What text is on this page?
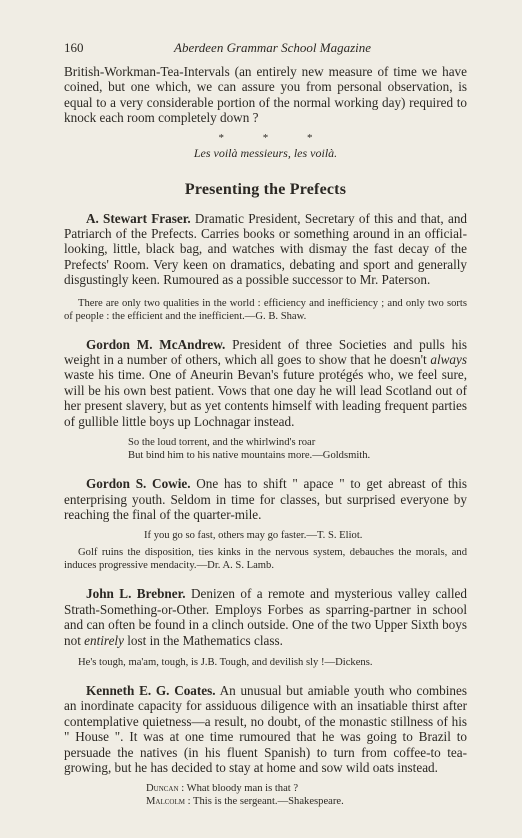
160	Aberdeen Grammar School Magazine

British-Workman-Tea-Intervals (an entirely new measure of time we have coined, but one which, we can assure you from personal observation, is equal to a very considerable portion of the normal working day) required to knock each room completely down ?

* * *
Les voilà messieurs, les voilà.
Presenting the Prefects

A. Stewart Fraser. Dramatic President, Secretary of this and that, and Patriarch of the Prefects. Carries books or something around in an official-looking, little, black bag, and watches with dismay the fast decay of the Prefects' Room. Very keen on dramatics, debating and sport and generally disgustingly keen. Rumoured as a possible successor to Mr. Paterson.

There are only two qualities in the world : efficiency and inefficiency ; and only two sorts of people : the efficient and the inefficient.—G. B. Shaw.

Gordon M. McAndrew. President of three Societies and pulls his weight in a number of others, which all goes to show that he doesn't always waste his time. One of Aneurin Bevan's future protégés who, we feel sure, will be his own best patient. Vows that one day he will lead Scotland out of her present slavery, but as yet contents himself with leading frequent parties of gullible little boys up Lochnagar instead.

So the loud torrent, and the whirlwind's roar
But bind him to his native mountains more.—Goldsmith.

Gordon S. Cowie. One has to shift " apace " to get abreast of this enterprising youth. Seldom in time for classes, but surprised everyone by reaching the final of the quarter-mile.

If you go so fast, others may go faster.—T. S. Eliot.

Golf ruins the disposition, ties kinks in the nervous system, debauches the morals, and induces progressive mendacity.—Dr. A. S. Lamb.

John L. Brebner. Denizen of a remote and mysterious valley called Strath-Something-or-Other. Employs Forbes as sparring-partner in school and can often be found in a clinch outside. One of the two Upper Sixth boys not entirely lost in the Mathematics class.

He's tough, ma'am, tough, is J.B. Tough, and devilish sly !—Dickens.

Kenneth E. G. Coates. An unusual but amiable youth who combines an inordinate capacity for assiduous diligence with an insatiable thirst after contemplative quietness—a result, no doubt, of the monastic stillness of his " House ". It was at one time rumoured that he was going to Brazil to persuade the natives (in his fluent Spanish) to turn from coffee-to tea-growing, but he has decided to stay at home and sow wild oats instead.

Duncan : What bloody man is that ?
Malcolm : This is the sergeant.—Shakespeare.
